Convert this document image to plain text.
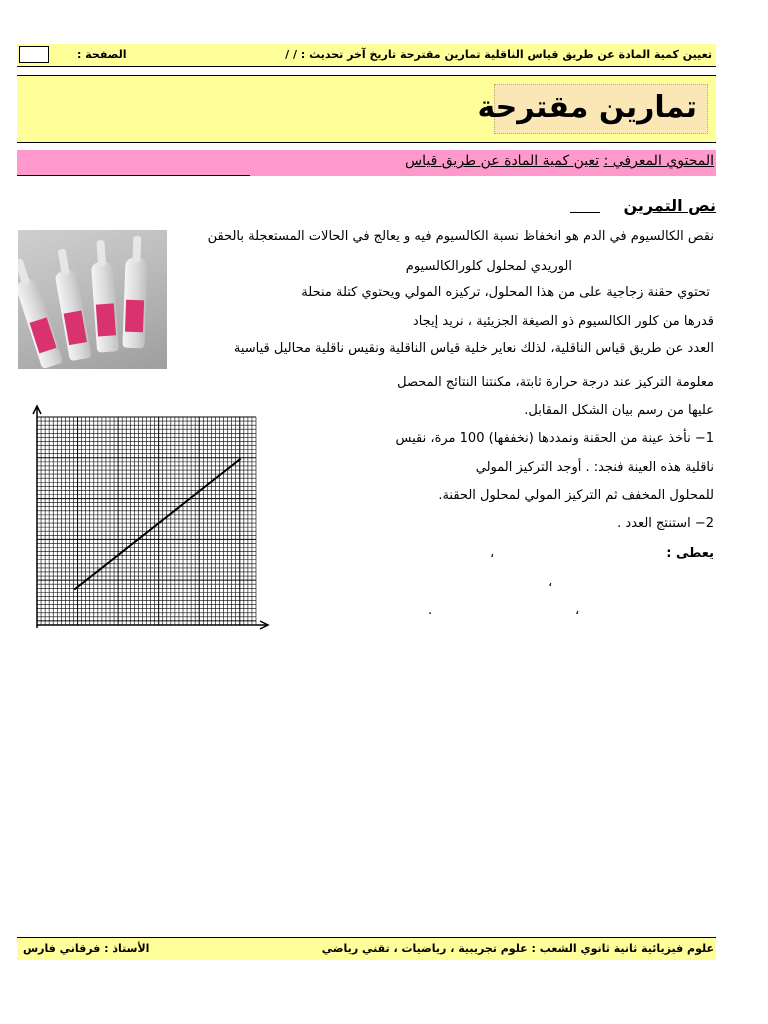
تعيين كمية المادة عن طريق قياس الناقلية تمارين مقترحة تاريخ آخر تحديث : / /
الصفحة :
تمارين مقترحة
المحتوي المعرفي : تعين كمية المادة عن طريق قياس
نص التمرين
نقص الكالسيوم في الدم هو انخفاظ نسبة الكالسيوم فيه و يعالج في الحالات المستعجلة بالحقن
الوريدي لمحلول كلورالكالسيوم
تحتوي حقنة زجاجية على من هذا المحلول، تركيزه المولي ويحتوي كتلة منحلة
قدرها من كلور الكالسيوم ذو الصيغة الجزيئية ، نريد إيجاد
العدد عن طريق قياس الناقلية، لذلك نعاير خلية قياس الناقلية ونقيس ناقلية محاليل قياسية
معلومة التركيز عند درجة حرارة ثابتة، مكنتنا النتائج المحصل
عليها من رسم بيان الشكل المقابل.
1− نأخذ عينة من الحقنة ونمددها (نخففها) 100 مرة، نقيس
ناقلية هذه العينة فنجد: . أوجد التركيز المولي
للمحلول المخفف ثم التركيز المولي لمحلول الحقنة.
2− استنتج العدد .
يعطى :
،
،
،
.
علوم فيزيائية ثانية ثانوي الشعب : علوم تجريبية ، رياضيات ، تقني رياضي
الأستاذ : فرقاني فارس
